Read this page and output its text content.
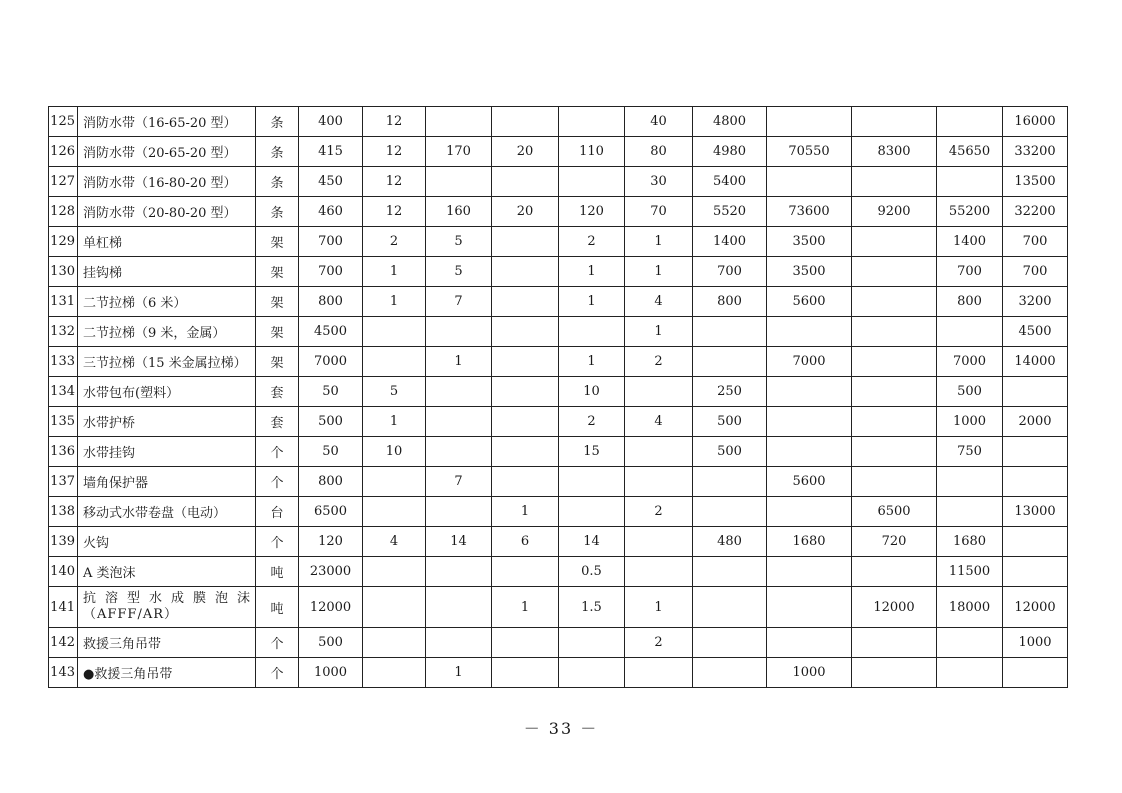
125	消防水带（16-65-20 型）	条	400	12				40	4800				16000
126	消防水带（20-65-20 型）	条	415	12	170	20	110	80	4980	70550	8300	45650	33200
127	消防水带（16-80-20 型）	条	450	12				30	5400				13500
128	消防水带（20-80-20 型）	条	460	12	160	20	120	70	5520	73600	9200	55200	32200
129	单杠梯	架	700	2	5		2	1	1400	3500		1400	700
130	挂钩梯	架	700	1	5		1	1	700	3500		700	700
131	二节拉梯（6 米）	架	800	1	7		1	4	800	5600		800	3200
132	二节拉梯（9 米，金属）	架	4500					1					4500
133	三节拉梯（15 米金属拉梯）	架	7000		1		1	2		7000		7000	14000
134	水带包布(塑料）	套	50	5			10		250			500	
135	水带护桥	套	500	1			2	4	500			1000	2000
136	水带挂钩	个	50	10			15		500			750	
137	墙角保护器	个	800		7					5600			
138	移动式水带卷盘（电动）	台	6500			1		2			6500		13000
139	火钩	个	120	4	14	6	14		480	1680	720	1680	
140	A 类泡沫	吨	23000				0.5					11500	
141	抗溶型水成膜泡沫（AFFF/AR）	吨	12000			1	1.5	1			12000	18000	12000
142	救援三角吊带	个	500					2					1000
143	●救援三角吊带	个	1000		1					1000			
－ 33 －
